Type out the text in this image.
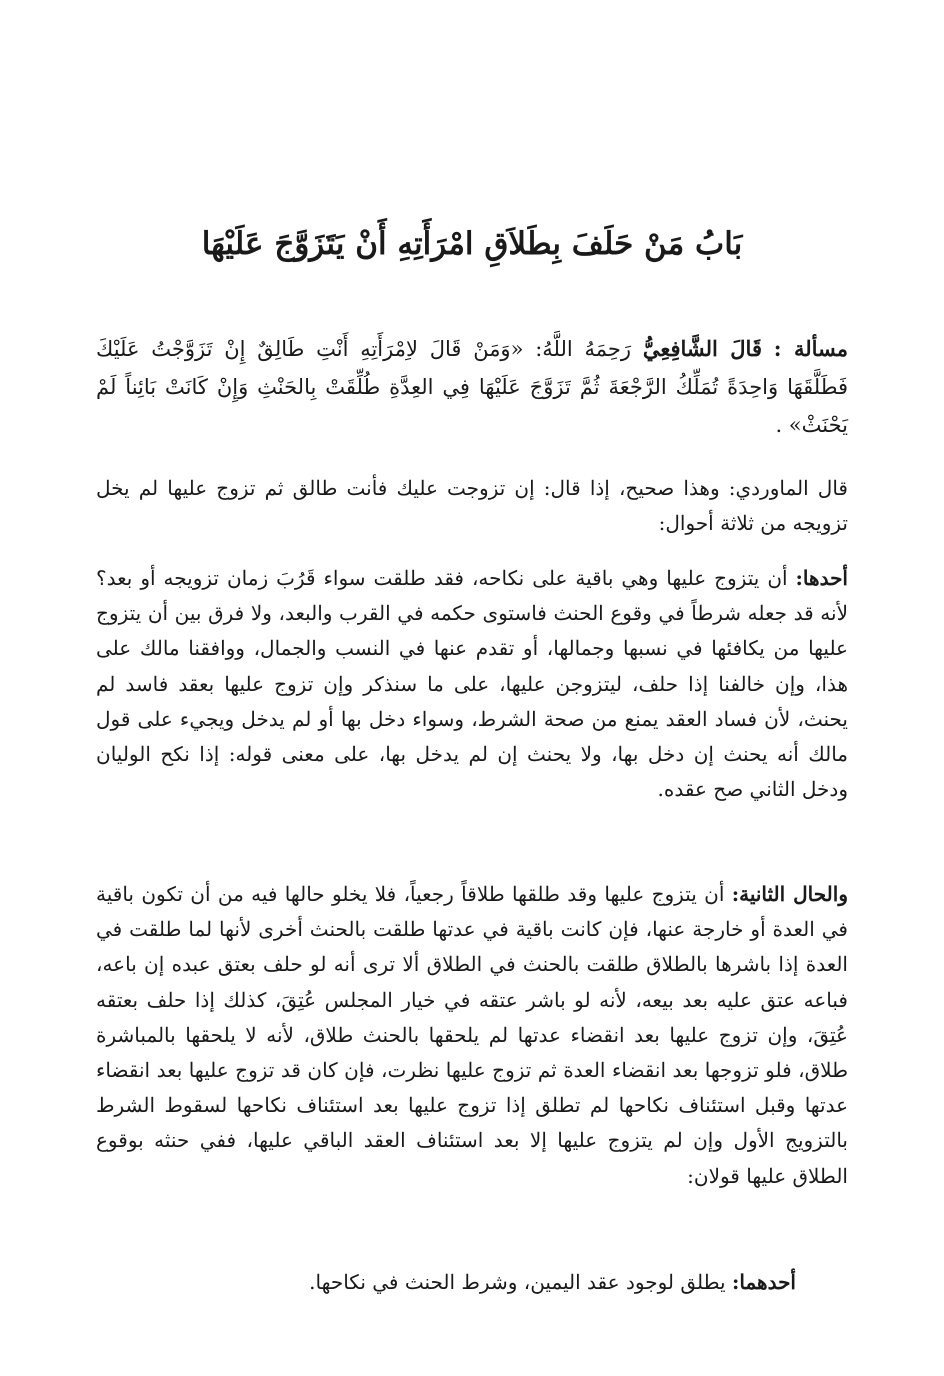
بَابُ مَنْ حَلَفَ بِطَلاَقِ امْرَأَتِهِ أَنْ يَتَزَوَّجَ عَلَيْهَا

مسألة : قَالَ الشَّافِعِيُّ رَحِمَهُ اللَّهُ: «وَمَنْ قَالَ لاِمْرَأَتِهِ أَنْتِ طَالِقٌ إِنْ تَزَوَّجْتُ عَلَيْكَ فَطَلَّقَهَا وَاحِدَةً تُمَلِّكُ الرَّجْعَةَ ثُمَّ تَزَوَّجَ عَلَيْهَا فِي العِدَّةِ طُلِّقَتْ بِالحَنْثِ وَإِنْ كَانَتْ بَائِناً لَمْ يَحْنَثْ» .

قال الماوردي: وهذا صحيح، إذا قال: إن تزوجت عليك فأنت طالق ثم تزوج عليها لم يخل تزويجه من ثلاثة أحوال:

أحدها: أن يتزوج عليها وهي باقية على نكاحه، فقد طلقت سواء قَرُبَ زمان تزويجه أو بعد؟ لأنه قد جعله شرطاً في وقوع الحنث فاستوى حكمه في القرب والبعد، ولا فرق بين أن يتزوج عليها من يكافئها في نسبها وجمالها، أو تقدم عنها في النسب والجمال، ووافقنا مالك على هذا، وإن خالفنا إذا حلف، ليتزوجن عليها، على ما سنذكر وإن تزوج عليها بعقد فاسد لم يحنث، لأن فساد العقد يمنع من صحة الشرط، وسواء دخل بها أو لم يدخل ويجيء على قول مالك أنه يحنث إن دخل بها، ولا يحنث إن لم يدخل بها، على معنى قوله: إذا نكح الوليان ودخل الثاني صح عقده.

والحال الثانية: أن يتزوج عليها وقد طلقها طلاقاً رجعياً، فلا يخلو حالها فيه من أن تكون باقية في العدة أو خارجة عنها، فإن كانت باقية في عدتها طلقت بالحنث أخرى لأنها لما طلقت في العدة إذا باشرها بالطلاق طلقت بالحنث في الطلاق ألا ترى أنه لو حلف بعتق عبده إن باعه، فباعه عتق عليه بعد بيعه، لأنه لو باشر عتقه في خيار المجلس عُتِقَ، كذلك إذا حلف بعتقه عُتِقَ، وإن تزوج عليها بعد انقضاء عدتها لم يلحقها بالحنث طلاق، لأنه لا يلحقها بالمباشرة طلاق، فلو تزوجها بعد انقضاء العدة ثم تزوج عليها نظرت، فإن كان قد تزوج عليها بعد انقضاء عدتها وقبل استئناف نكاحها لم تطلق إذا تزوج عليها بعد استئناف نكاحها لسقوط الشرط بالتزويج الأول وإن لم يتزوج عليها إلا بعد استئناف العقد الباقي عليها، ففي حنثه بوقوع الطلاق عليها قولان:

أحدهما: يطلق لوجود عقد اليمين، وشرط الحنث في نكاحها.
